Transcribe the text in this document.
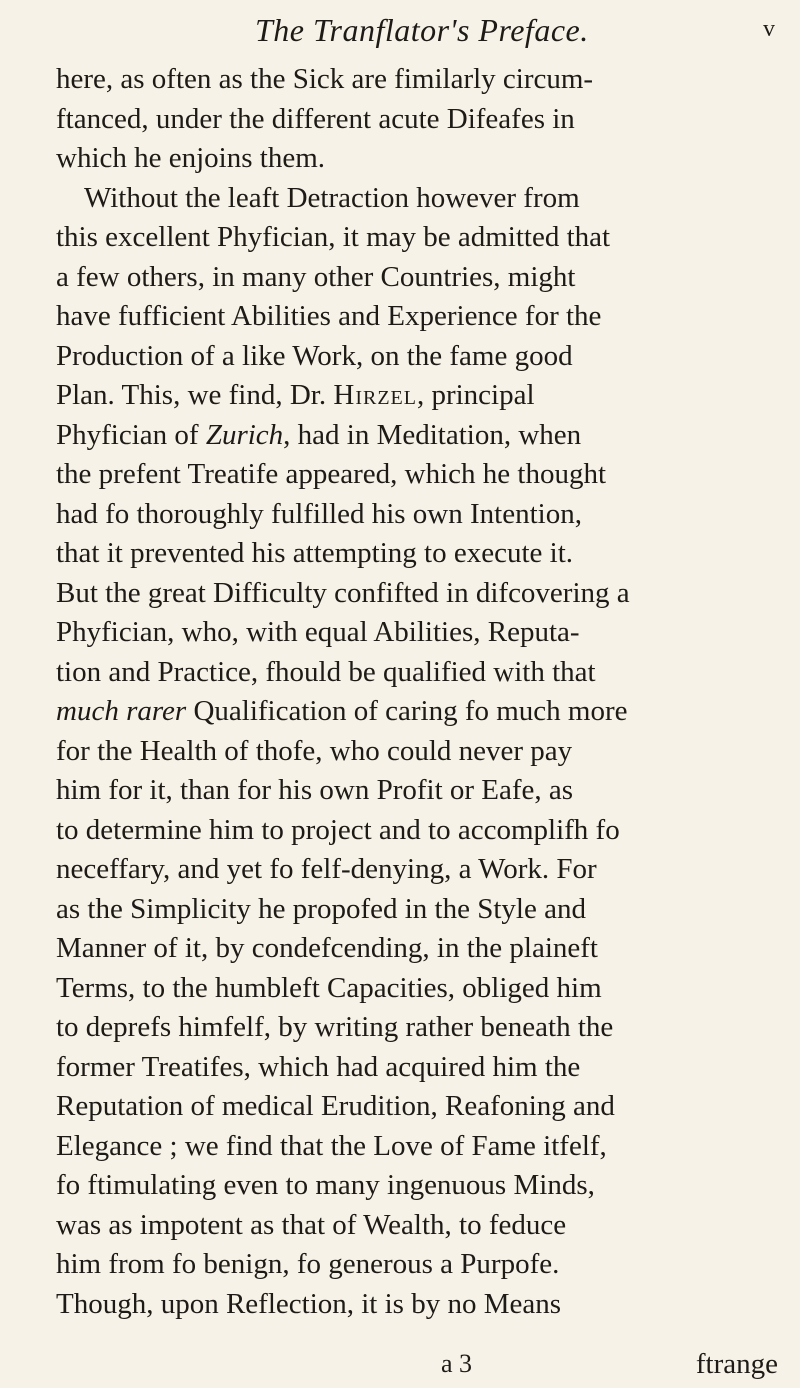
The Tranflator's Preface.	v
here, as often as the Sick are fimilarly circum-
ftanced, under the different acute Difeafes in
which he enjoins them.
Without the leaft Detraction however from
this excellent Phyfician, it may be admitted that
a few others, in many other Countries, might
have fufficient Abilities and Experience for the
Production of a like Work, on the fame good
Plan. This, we find, Dr. Hirzel, principal
Phyfician of Zurich, had in Meditation, when
the prefent Treatife appeared, which he thought
had fo thoroughly fulfilled his own Intention,
that it prevented his attempting to execute it.
But the great Difficulty confifted in difcovering a
Phyfician, who, with equal Abilities, Reputa-
tion and Practice, fhould be qualified with that
much rarer Qualification of caring fo much more
for the Health of thofe, who could never pay
him for it, than for his own Profit or Eafe, as
to determine him to project and to accomplifh fo
neceffary, and yet fo felf-denying, a Work. For
as the Simplicity he propofed in the Style and
Manner of it, by condefcending, in the plaineft
Terms, to the humbleft Capacities, obliged him
to deprefs himfelf, by writing rather beneath the
former Treatifes, which had acquired him the
Reputation of medical Erudition, Reafoning and
Elegance ; we find that the Love of Fame itfelf,
fo ftimulating even to many ingenuous Minds,
was as impotent as that of Wealth, to feduce
him from fo benign, fo generous a Purpofe.
Though, upon Reflection, it is by no Means
a 3	ftrange
